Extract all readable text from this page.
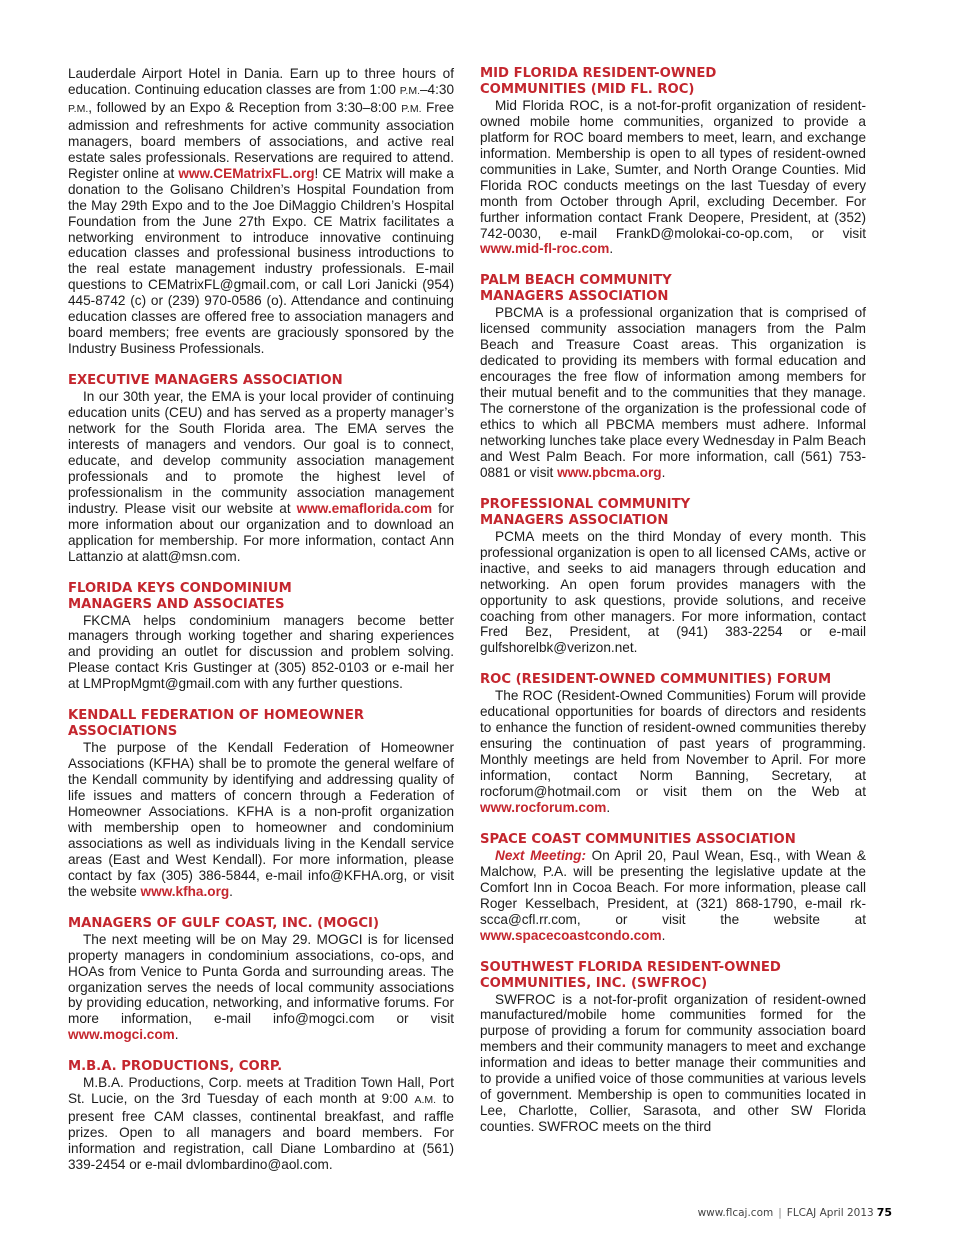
Lauderdale Airport Hotel in Dania. Earn up to three hours of education. Continuing education classes are from 1:00 P.M.–4:30 P.M., followed by an Expo & Reception from 3:30–8:00 P.M. Free admission and refreshments for active community association managers, board members of associations, and active real estate sales professionals. Reservations are required to attend. Register online at www.CEMatrixFL.org! CE Matrix will make a donation to the Golisano Children’s Hospital Foundation from the May 29th Expo and to the Joe DiMaggio Children’s Hospital Foundation from the June 27th Expo. CE Matrix facilitates a networking environment to introduce innovative continuing education classes and professional business introductions to the real estate management industry professionals. E-mail questions to CEMatrixFL@gmail.com, or call Lori Janicki (954) 445-8742 (c) or (239) 970-0586 (o). Attendance and continuing education classes are offered free to association managers and board members; free events are graciously sponsored by the Industry Business Professionals.

EXECUTIVE MANAGERS ASSOCIATION

In our 30th year, the EMA is your local provider of continuing education units (CEU) and has served as a property manager’s network for the South Florida area. The EMA serves the interests of managers and vendors. Our goal is to connect, educate, and develop community association management professionals and to promote the highest level of professionalism in the community association management industry. Please visit our website at www.emaflorida.com for more information about our organization and to download an application for membership. For more information, contact Ann Lattanzio at alatt@msn.com.

FLORIDA KEYS CONDOMINIUM
MANAGERS AND ASSOCIATES

FKCMA helps condominium managers become better managers through working together and sharing experiences and providing an outlet for discussion and problem solving. Please contact Kris Gustinger at (305) 852-0103 or e-mail her at LMPropMgmt@gmail.com with any further questions.

KENDALL FEDERATION OF HOMEOWNER ASSOCIATIONS

The purpose of the Kendall Federation of Homeowner Associations (KFHA) shall be to promote the general welfare of the Kendall community by identifying and addressing quality of life issues and matters of concern through a Federation of Homeowner Associations. KFHA is a non-profit organization with membership open to homeowner and condominium associations as well as individuals living in the Kendall service areas (East and West Kendall). For more information, please contact by fax (305) 386-5844, e-mail info@KFHA.org, or visit the website www.kfha.org.

MANAGERS OF GULF COAST, INC. (MOGCI)

The next meeting will be on May 29. MOGCI is for licensed property managers in condominium associations, co-ops, and HOAs from Venice to Punta Gorda and surrounding areas. The organization serves the needs of local community associations by providing education, networking, and informative forums. For more information, e-mail info@mogci.com or visit www.mogci.com.

M.B.A. PRODUCTIONS, CORP.

M.B.A. Productions, Corp. meets at Tradition Town Hall, Port St. Lucie, on the 3rd Tuesday of each month at 9:00 A.M. to present free CAM classes, continental breakfast, and raffle prizes. Open to all managers and board members. For information and registration, call Diane Lombardino at (561) 339-2454 or e-mail dvlombardino@aol.com.

MID FLORIDA RESIDENT-OWNED
COMMUNITIES (MID FL. ROC)

Mid Florida ROC, is a not-for-profit organization of resident-owned mobile home communities, organized to provide a platform for ROC board members to meet, learn, and exchange information. Membership is open to all types of resident-owned communities in Lake, Sumter, and North Orange Counties. Mid Florida ROC conducts meetings on the last Tuesday of every month from October through April, excluding December. For further information contact Frank Deopere, President, at (352) 742-0030, e-mail FrankD@molokai-co-op.com, or visit www.mid-fl-roc.com.

PALM BEACH COMMUNITY
MANAGERS ASSOCIATION

PBCMA is a professional organization that is comprised of licensed community association managers from the Palm Beach and Treasure Coast areas. This organization is dedicated to providing its members with formal education and encourages the free flow of information among members for their mutual benefit and to the communities that they manage. The cornerstone of the organization is the professional code of ethics to which all PBCMA members must adhere. Informal networking lunches take place every Wednesday in Palm Beach and West Palm Beach. For more information, call (561) 753-0881 or visit www.pbcma.org.

PROFESSIONAL COMMUNITY
MANAGERS ASSOCIATION

PCMA meets on the third Monday of every month. This professional organization is open to all licensed CAMs, active or inactive, and seeks to aid managers through education and networking. An open forum provides managers with the opportunity to ask questions, provide solutions, and receive coaching from other managers. For more information, contact Fred Bez, President, at (941) 383-2254 or e-mail gulfshorelbk@verizon.net.

ROC (RESIDENT-OWNED COMMUNITIES) FORUM

The ROC (Resident-Owned Communities) Forum will provide educational opportunities for boards of directors and residents to enhance the function of resident-owned communities thereby ensuring the continuation of past years of programming. Monthly meetings are held from November to April. For more information, contact Norm Banning, Secretary, at rocforum@hotmail.com or visit them on the Web at www.rocforum.com.

SPACE COAST COMMUNITIES ASSOCIATION

Next Meeting: On April 20, Paul Wean, Esq., with Wean & Malchow, P.A. will be presenting the legislative update at the Comfort Inn in Cocoa Beach. For more information, please call Roger Kesselbach, President, at (321) 868-1790, e-mail rk-scca@cfl.rr.com, or visit the website at www.spacecoastcondo.com.

SOUTHWEST FLORIDA RESIDENT-OWNED
COMMUNITIES, INC. (SWFROC)

SWFROC is a not-for-profit organization of resident-owned manufactured/mobile home communities formed for the purpose of providing a forum for community association board members and their community managers to meet and exchange information and ideas to better manage their communities and to provide a unified voice of those communities at various levels of government. Membership is open to communities located in Lee, Charlotte, Collier, Sarasota, and other SW Florida counties. SWFROC meets on the third

www.flcaj.com | FLCAJ April 2013 75
